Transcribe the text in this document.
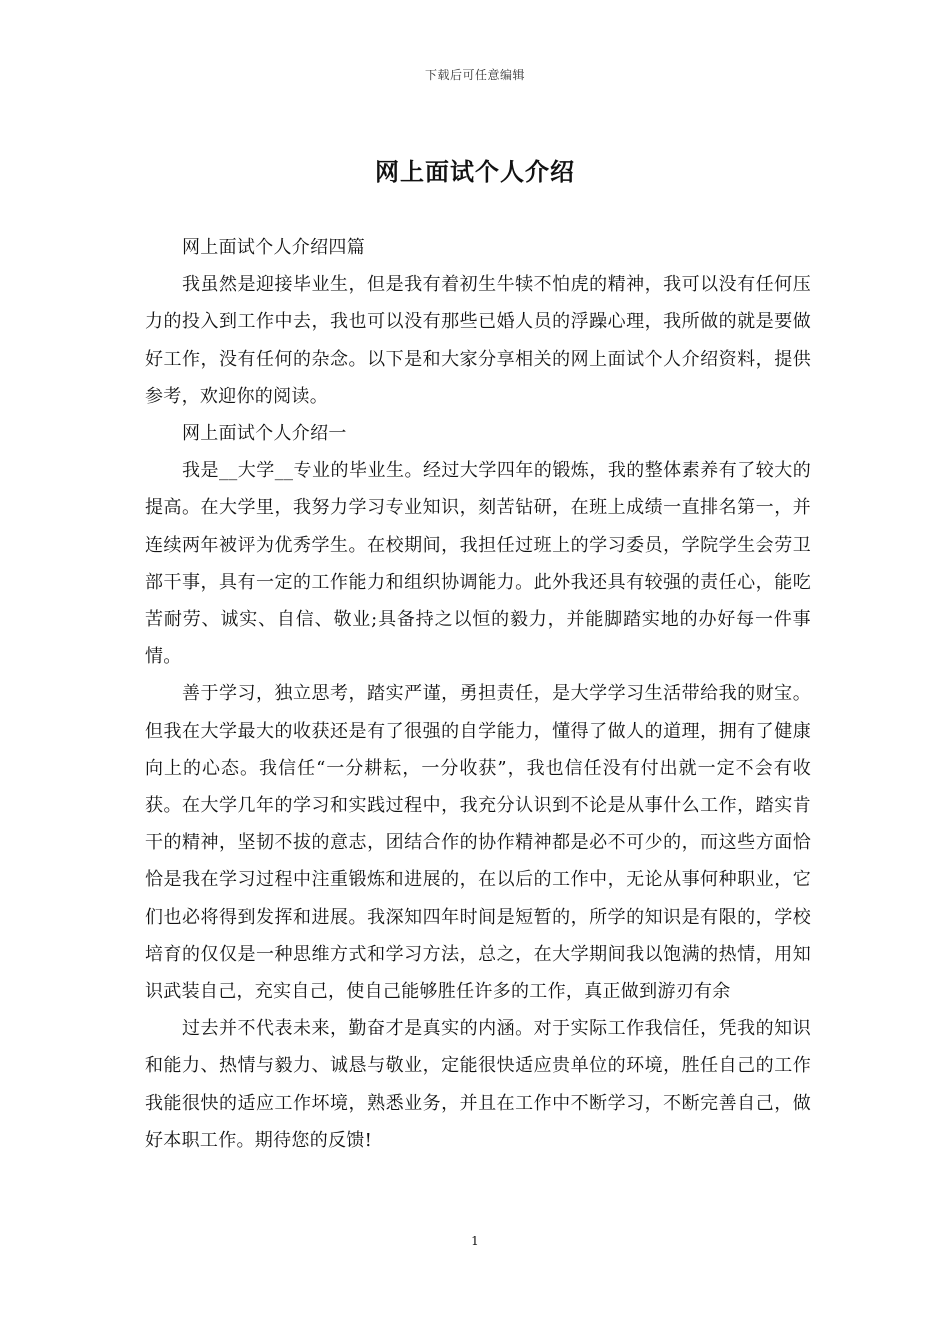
下载后可任意编辑
网上面试个人介绍

网上面试个人介绍四篇

我虽然是迎接毕业生，但是我有着初生牛犊不怕虎的精神，我可以没有任何压力的投入到工作中去，我也可以没有那些已婚人员的浮躁心理，我所做的就是要做好工作，没有任何的杂念。以下是和大家分享相关的网上面试个人介绍资料，提供参考，欢迎你的阅读。

网上面试个人介绍一

我是__大学__专业的毕业生。经过大学四年的锻炼，我的整体素养有了较大的提高。在大学里，我努力学习专业知识，刻苦钻研，在班上成绩一直排名第一，并连续两年被评为优秀学生。在校期间，我担任过班上的学习委员，学院学生会劳卫部干事，具有一定的工作能力和组织协调能力。此外我还具有较强的责任心，能吃苦耐劳、诚实、自信、敬业;具备持之以恒的毅力，并能脚踏实地的办好每一件事情。

善于学习，独立思考，踏实严谨，勇担责任，是大学学习生活带给我的财宝。但我在大学最大的收获还是有了很强的自学能力，懂得了做人的道理，拥有了健康向上的心态。我信任“一分耕耘，一分收获”，我也信任没有付出就一定不会有收获。在大学几年的学习和实践过程中，我充分认识到不论是从事什么工作，踏实肯干的精神，坚韧不拔的意志，团结合作的协作精神都是必不可少的，而这些方面恰恰是我在学习过程中注重锻炼和进展的，在以后的工作中，无论从事何种职业，它们也必将得到发挥和进展。我深知四年时间是短暂的，所学的知识是有限的，学校培育的仅仅是一种思维方式和学习方法，总之，在大学期间我以饱满的热情，用知识武装自己，充实自己，使自己能够胜任许多的工作，真正做到游刃有余

过去并不代表未来，勤奋才是真实的内涵。对于实际工作我信任，凭我的知识和能力、热情与毅力、诚恳与敬业，定能很快适应贵单位的环境，胜任自己的工作我能很快的适应工作坏境，熟悉业务，并且在工作中不断学习，不断完善自己，做好本职工作。期待您的反馈!

1
